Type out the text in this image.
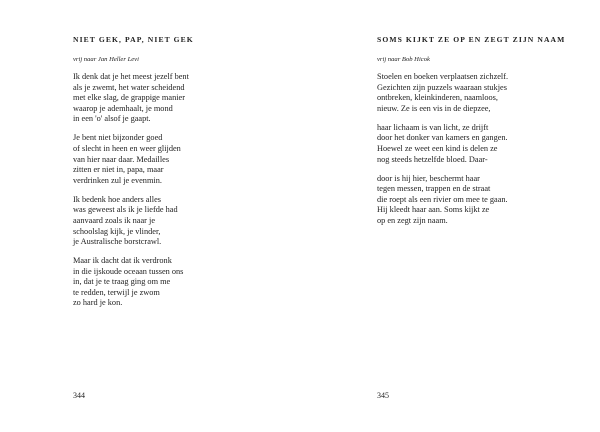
NIET GEK, PAP, NIET GEK
vrij naar Jan Heller Levi
Ik denk dat je het meest jezelf bent
als je zwemt, het water scheidend
met elke slag, de grappige manier
waarop je ademhaalt, je mond
in een 'o' alsof je gaapt.
Je bent niet bijzonder goed
of slecht in heen en weer glijden
van hier naar daar. Medailles
zitten er niet in, papa, maar
verdrinken zul je evenmin.
Ik bedenk hoe anders alles
was geweest als ik je liefde had
aanvaard zoals ik naar je
schoolslag kijk, je vlinder,
je Australische borstcrawl.
Maar ik dacht dat ik verdronk
in die ijskoude oceaan tussen ons
in, dat je te traag ging om me
te redden, terwijl je zwom
zo hard je kon.
344
SOMS KIJKT ZE OP EN ZEGT ZIJN NAAM
vrij naar Bob Hicok
Stoelen en boeken verplaatsen zichzelf.
Gezichten zijn puzzels waaraan stukjes
ontbreken, kleinkinderen, naamloos,
nieuw. Ze is een vis in de diepzee,
haar lichaam is van licht, ze drijft
door het donker van kamers en gangen.
Hoewel ze weet een kind is delen ze
nog steeds hetzelfde bloed. Daar-
door is hij hier, beschermt haar
tegen messen, trappen en de straat
die roept als een rivier om mee te gaan.
Hij kleedt haar aan. Soms kijkt ze
op en zegt zijn naam.
345
